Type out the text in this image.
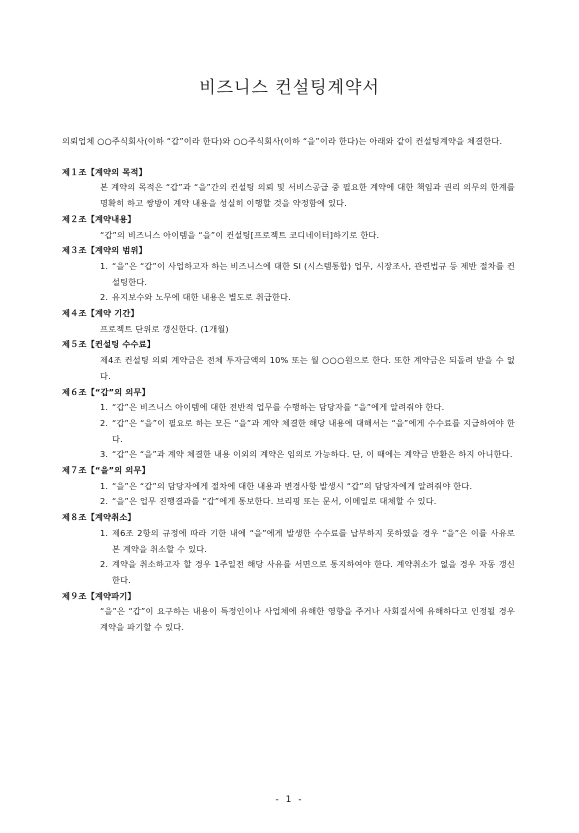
비즈니스 컨설팅계약서

의뢰업체 ○○주식회사(이하 “갑”이라 한다)와 ○○주식회사(이하 “을”이라 한다)는 아래와 같이 컨설팅계약을 체결한다.

제１조【계약의 목적】

본 계약의 목적은 “갑”과 “을”간의 컨설팅 의뢰 및 서비스공급 중 필요한 계약에 대한 책임과 권리 의무의 한계를 명확히 하고 쌍방이 계약 내용을 성실히 이행할 것을 약정함에 있다.

제２조【계약내용】

“갑”의 비즈니스 아이템을 “을”이 컨설팅[프로젝트 코디네이터]하기로 한다.

제３조【계약의 범위】

1. “을”은 “갑”이 사업하고자 하는 비즈니스에 대한 SI (시스템통합) 업무, 시장조사, 관련법규 등 제반 절차를 컨설팅한다.
2. 유지보수와 노무에 대한 내용은 별도로 취급한다.

제４조【계약 기간】

프로젝트 단위로 갱신한다. (1개월)

제５조【컨설팅 수수료】

제4조 컨설팅 의뢰 계약금은 전체 투자금액의 10% 또는 월 ○○○원으로 한다. 또한 계약금은 되돌려 받을 수 없다.

제６조【“갑”의 의무】

1. “갑”은 비즈니스 아이템에 대한 전반적 업무를 수행하는 담당자를 “을”에게 알려줘야 한다.
2. “갑”은 “을”이 필요로 하는 모든 “을”과 계약 체결한 해당 내용에 대해서는 “을”에게 수수료를 지급하여야 한다.
3. “갑”은 “을”과 계약 체결한 내용 이외의 계약은 임의로 가능하다. 단, 이 때에는 계약금 반환은 하지 아니한다.

제７조【“을”의 의무】

1. “을”은 “갑”의 담당자에게 절차에 대한 내용과 변경사항 발생시 “갑”의 담당자에게 알려줘야 한다.
2. “을”은 업무 진행결과를 “갑”에게 통보한다. 브리핑 또는 문서, 이메일로 대체할 수 있다.

제８조【계약취소】

1. 제6조 2항의 규정에 따라 기한 내에 “을”에게 발생한 수수료를 납부하지 못하였을 경우 “을”은 이를 사유로 본 계약을 취소할 수 있다.
2. 계약을 취소하고자 할 경우 1주일전 해당 사유를 서면으로 통지하여야 한다. 계약취소가 없을 경우 자동 갱신한다.

제９조【계약파기】

“을”은 “갑”이 요구하는 내용이 특정인이나 사업체에 유해한 영향을 주거나 사회질서에 유해하다고 인정될 경우 계약을 파기할 수 있다.

- 1 -
